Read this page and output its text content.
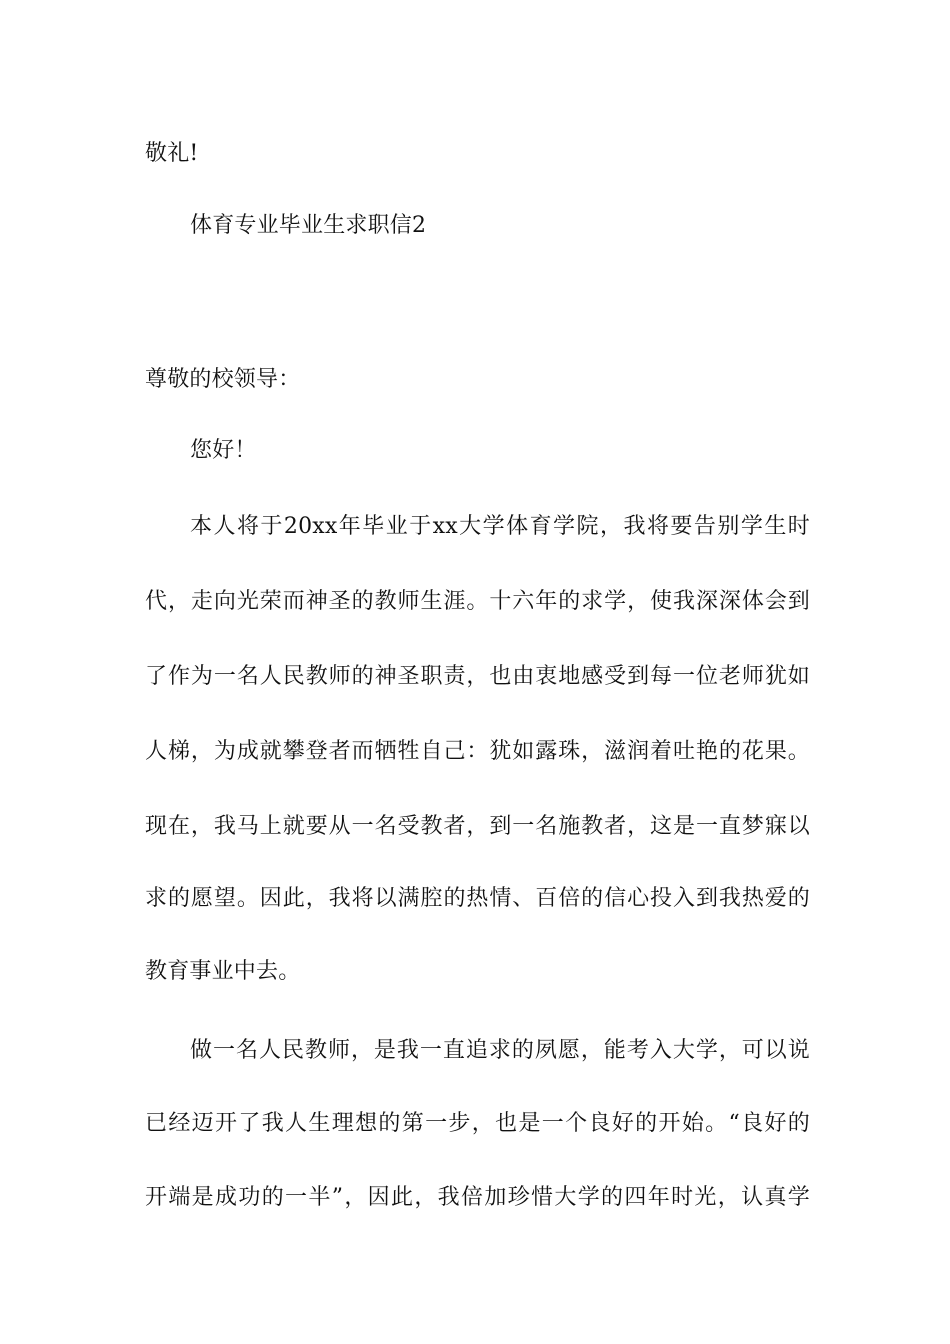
敬礼!
体育专业毕业生求职信2
尊敬的校领导：
您好！
本人将于20xx年毕业于xx大学体育学院，我将要告别学生时
代，走向光荣而神圣的教师生涯。十六年的求学，使我深深体会到
了作为一名人民教师的神圣职责，也由衷地感受到每一位老师犹如
人梯，为成就攀登者而牺牲自己：犹如露珠，滋润着吐艳的花果。
现在，我马上就要从一名受教者，到一名施教者，这是一直梦寐以
求的愿望。因此，我将以满腔的热情、百倍的信心投入到我热爱的
教育事业中去。
做一名人民教师，是我一直追求的夙愿，能考入大学，可以说
已经迈开了我人生理想的第一步，也是一个良好的开始。“良好的
开端是成功的一半”，因此，我倍加珍惜大学的四年时光，认真学
